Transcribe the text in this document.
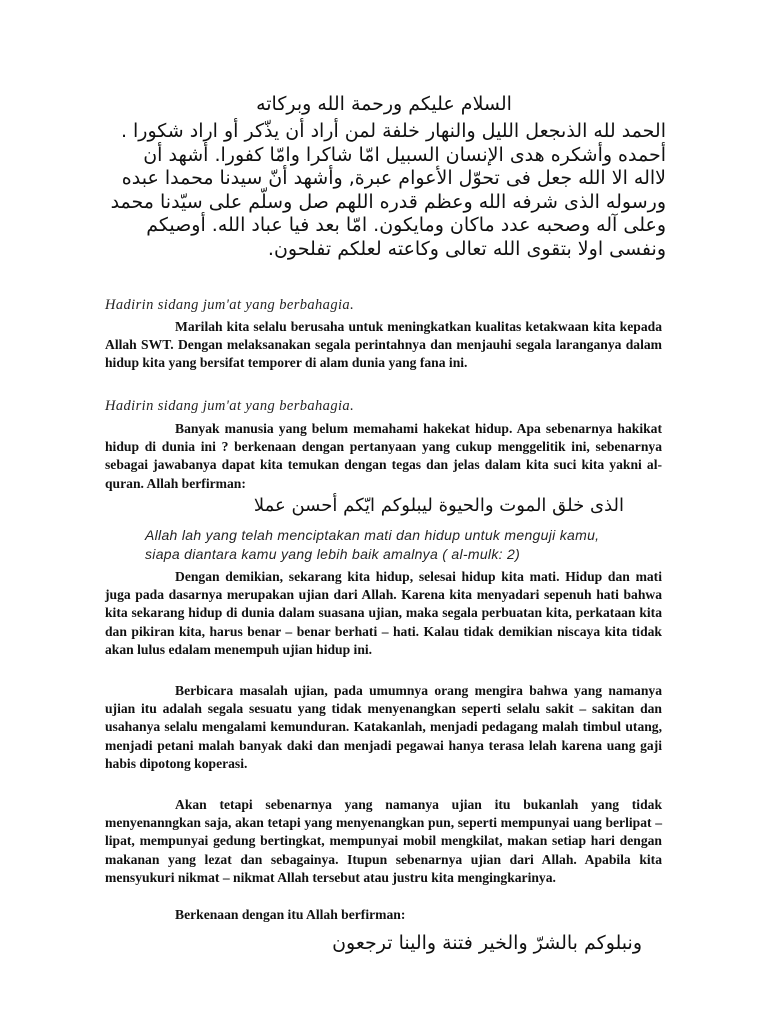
السلام عليكم ورحمة الله وبركاته

الحمد لله الذىجعل الليل والنهار خلفة لمن أراد أن يذّكر أو اراد شكورا .

أحمده وأشكره هدى الإنسان السبيل امّا شاكرا وامّا كفورا. أشهد أن

لااله الا الله جعل فى تحوّل الأعوام عبرة, وأشهد أنّ سيدنا محمدا عبده

ورسوله الذى شرفه الله وعظم قدره اللهم صل وسلّم على سيّدنا محمد

وعلى آله وصحبه عدد ماكان ومايكون. امّا بعد فيا عباد الله. أوصيكم

ونفسى اولا بتقوى الله تعالى وكاعته لعلكم تفلحون.

Hadirin sidang jum'at yang berbahagia.

Marilah kita selalu berusaha untuk meningkatkan kualitas ketakwaan kita kepada Allah SWT. Dengan melaksanakan segala perintahnya dan menjauhi segala laranganya dalam hidup kita yang bersifat temporer di alam dunia yang fana ini.

Hadirin sidang jum'at yang berbahagia.

Banyak manusia yang belum memahami hakekat hidup. Apa sebenarnya hakikat hidup di dunia ini ? berkenaan dengan pertanyaan yang cukup menggelitik ini, sebenarnya sebagai jawabanya dapat kita temukan dengan tegas dan jelas dalam kita suci kita yakni al-quran. Allah berfirman:

الذى خلق الموت والحيوة ليبلوكم ايّكم أحسن عملا
Allah lah yang telah menciptakan mati dan hidup untuk menguji kamu,
siapa diantara kamu yang lebih baik amalnya ( al-mulk: 2)

Dengan demikian, sekarang kita hidup, selesai hidup kita mati. Hidup dan mati juga pada dasarnya merupakan ujian dari Allah. Karena kita menyadari sepenuh hati bahwa kita sekarang hidup di dunia dalam suasana ujian, maka segala perbuatan kita, perkataan kita dan pikiran kita, harus benar – benar berhati – hati. Kalau tidak demikian niscaya kita tidak akan lulus edalam menempuh ujian hidup ini.

Berbicara masalah ujian, pada umumnya orang mengira bahwa yang namanya ujian itu adalah segala sesuatu yang tidak menyenangkan seperti selalu sakit – sakitan dan usahanya selalu mengalami kemunduran. Katakanlah, menjadi pedagang malah timbul utang, menjadi petani malah banyak daki dan menjadi pegawai hanya terasa lelah karena uang gaji habis dipotong koperasi.

Akan tetapi sebenarnya yang namanya ujian itu bukanlah yang tidak menyenanngkan saja, akan tetapi yang menyenangkan pun, seperti mempunyai uang berlipat – lipat, mempunyai gedung bertingkat, mempunyai mobil mengkilat, makan setiap hari dengan makanan yang lezat dan sebagainya. Itupun sebenarnya ujian dari Allah. Apabila kita mensyukuri nikmat – nikmat Allah tersebut atau justru kita mengingkarinya.

Berkenaan dengan itu Allah berfirman:
ونبلوكم بالشرّ والخير فتنة والينا ترجعون
